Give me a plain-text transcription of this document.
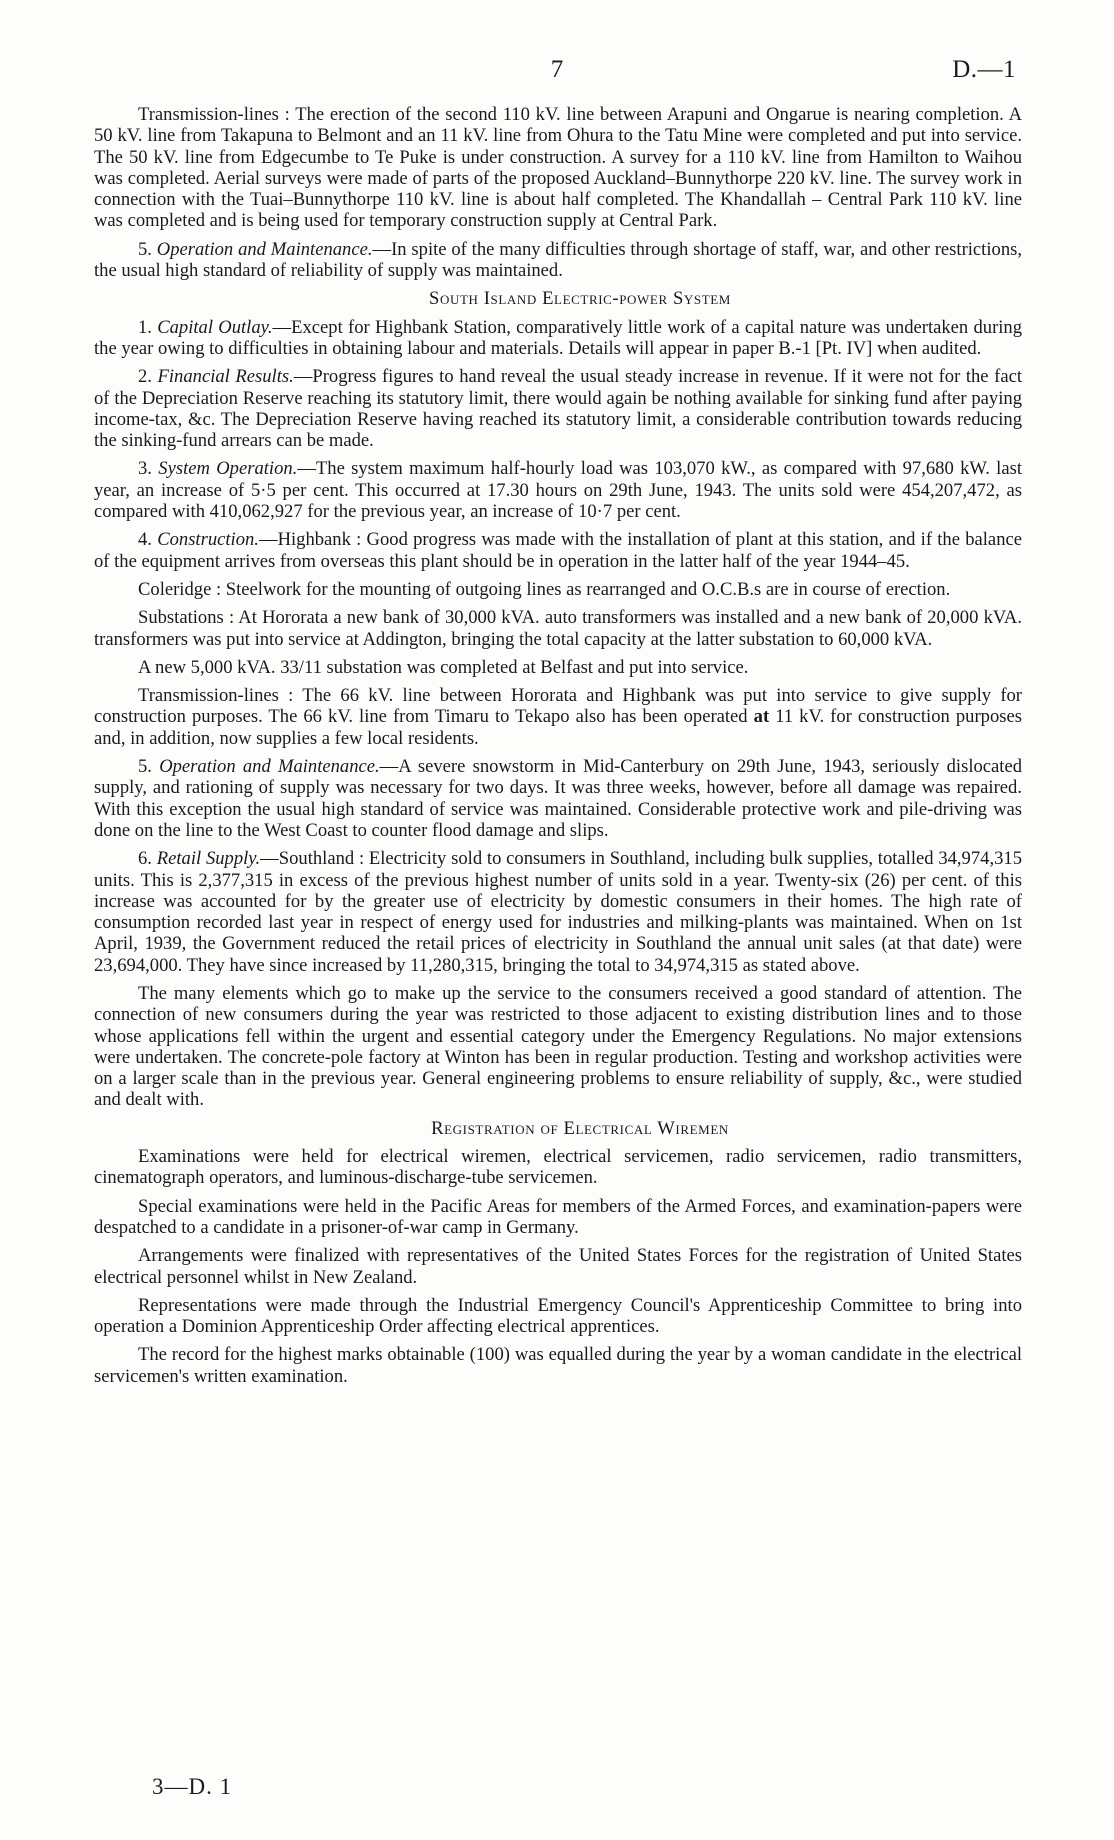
7	D.—1

Transmission-lines : The erection of the second 110 kV. line between Arapuni and Ongarue is nearing completion. A 50 kV. line from Takapuna to Belmont and an 11 kV. line from Ohura to the Tatu Mine were completed and put into service. The 50 kV. line from Edgecumbe to Te Puke is under construction. A survey for a 110 kV. line from Hamilton to Waihou was completed. Aerial surveys were made of parts of the proposed Auckland–Bunnythorpe 220 kV. line. The survey work in connection with the Tuai–Bunnythorpe 110 kV. line is about half completed. The Khandallah – Central Park 110 kV. line was completed and is being used for temporary construction supply at Central Park.

5. Operation and Maintenance.—In spite of the many difficulties through shortage of staff, war, and other restrictions, the usual high standard of reliability of supply was maintained.

South Island Electric-power System

1. Capital Outlay.—Except for Highbank Station, comparatively little work of a capital nature was undertaken during the year owing to difficulties in obtaining labour and materials. Details will appear in paper B.-1 [Pt. IV] when audited.

2. Financial Results.—Progress figures to hand reveal the usual steady increase in revenue. If it were not for the fact of the Depreciation Reserve reaching its statutory limit, there would again be nothing available for sinking fund after paying income-tax, &c. The Depreciation Reserve having reached its statutory limit, a considerable contribution towards reducing the sinking-fund arrears can be made.

3. System Operation.—The system maximum half-hourly load was 103,070 kW., as compared with 97,680 kW. last year, an increase of 5·5 per cent. This occurred at 17.30 hours on 29th June, 1943. The units sold were 454,207,472, as compared with 410,062,927 for the previous year, an increase of 10·7 per cent.

4. Construction.—Highbank : Good progress was made with the installation of plant at this station, and if the balance of the equipment arrives from overseas this plant should be in operation in the latter half of the year 1944–45.

Coleridge : Steelwork for the mounting of outgoing lines as rearranged and O.C.B.s are in course of erection.

Substations : At Hororata a new bank of 30,000 kVA. auto transformers was installed and a new bank of 20,000 kVA. transformers was put into service at Addington, bringing the total capacity at the latter substation to 60,000 kVA.

A new 5,000 kVA. 33/11 substation was completed at Belfast and put into service.

Transmission-lines : The 66 kV. line between Hororata and Highbank was put into service to give supply for construction purposes. The 66 kV. line from Timaru to Tekapo also has been operated at 11 kV. for construction purposes and, in addition, now supplies a few local residents.

5. Operation and Maintenance.—A severe snowstorm in Mid-Canterbury on 29th June, 1943, seriously dislocated supply, and rationing of supply was necessary for two days. It was three weeks, however, before all damage was repaired. With this exception the usual high standard of service was maintained. Considerable protective work and pile-driving was done on the line to the West Coast to counter flood damage and slips.

6. Retail Supply.—Southland : Electricity sold to consumers in Southland, including bulk supplies, totalled 34,974,315 units. This is 2,377,315 in excess of the previous highest number of units sold in a year. Twenty-six (26) per cent. of this increase was accounted for by the greater use of electricity by domestic consumers in their homes. The high rate of consumption recorded last year in respect of energy used for industries and milking-plants was maintained. When on 1st April, 1939, the Government reduced the retail prices of electricity in Southland the annual unit sales (at that date) were 23,694,000. They have since increased by 11,280,315, bringing the total to 34,974,315 as stated above.

The many elements which go to make up the service to the consumers received a good standard of attention. The connection of new consumers during the year was restricted to those adjacent to existing distribution lines and to those whose applications fell within the urgent and essential category under the Emergency Regulations. No major extensions were undertaken. The concrete-pole factory at Winton has been in regular production. Testing and workshop activities were on a larger scale than in the previous year. General engineering problems to ensure reliability of supply, &c., were studied and dealt with.

Registration of Electrical Wiremen

Examinations were held for electrical wiremen, electrical servicemen, radio servicemen, radio transmitters, cinematograph operators, and luminous-discharge-tube servicemen.

Special examinations were held in the Pacific Areas for members of the Armed Forces, and examination-papers were despatched to a candidate in a prisoner-of-war camp in Germany.

Arrangements were finalized with representatives of the United States Forces for the registration of United States electrical personnel whilst in New Zealand.

Representations were made through the Industrial Emergency Council's Apprenticeship Committee to bring into operation a Dominion Apprenticeship Order affecting electrical apprentices.

The record for the highest marks obtainable (100) was equalled during the year by a woman candidate in the electrical servicemen's written examination.

3—D. 1
